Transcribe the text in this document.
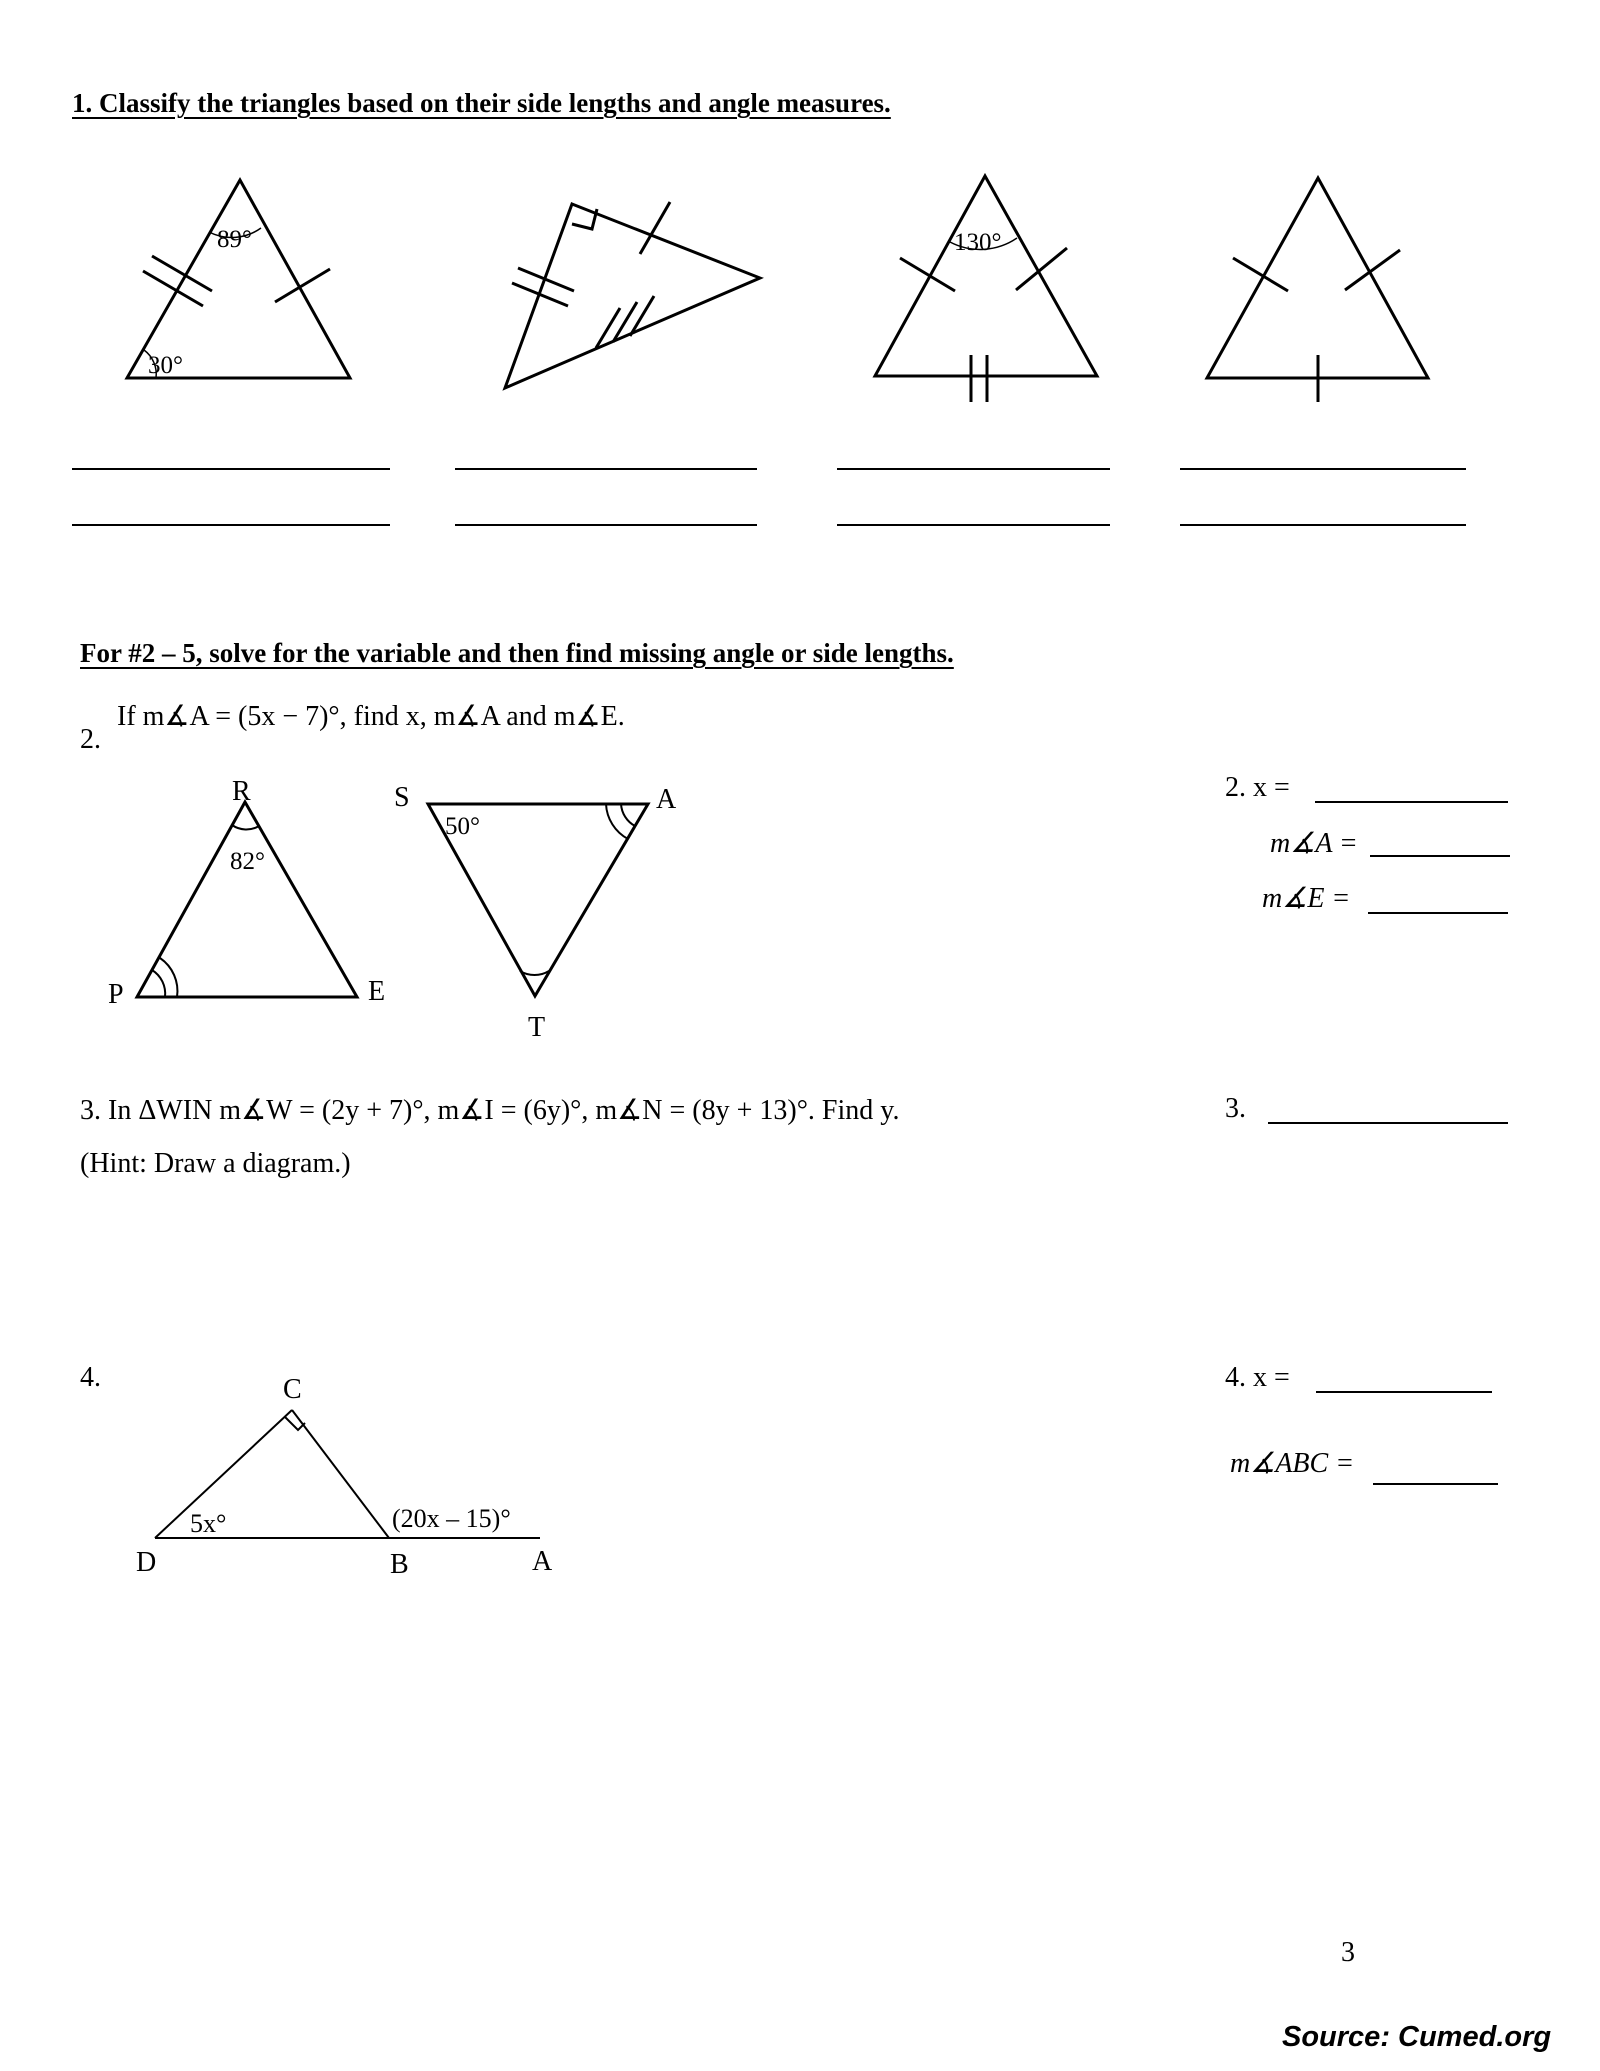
1. Classify the triangles based on their side lengths and angle measures.
89°
30°
130°
For #2 – 5, solve for the variable and then find missing angle or side lengths.
If m∡A = (5x − 7)°, find x, m∡A and m∡E.
2.
R
P	E
82°
S	A
T
50°
2. x =
m∡A =
m∡E =
3. In ΔWIN m∡W = (2y + 7)°, m∡I = (6y)°, m∡N = (8y + 13)°. Find y.
(Hint: Draw a diagram.)
3.
4.	C
D	B	A
5x°	(20x – 15)°
4. x =
m∡ABC =
3
Source: Cumed.org
